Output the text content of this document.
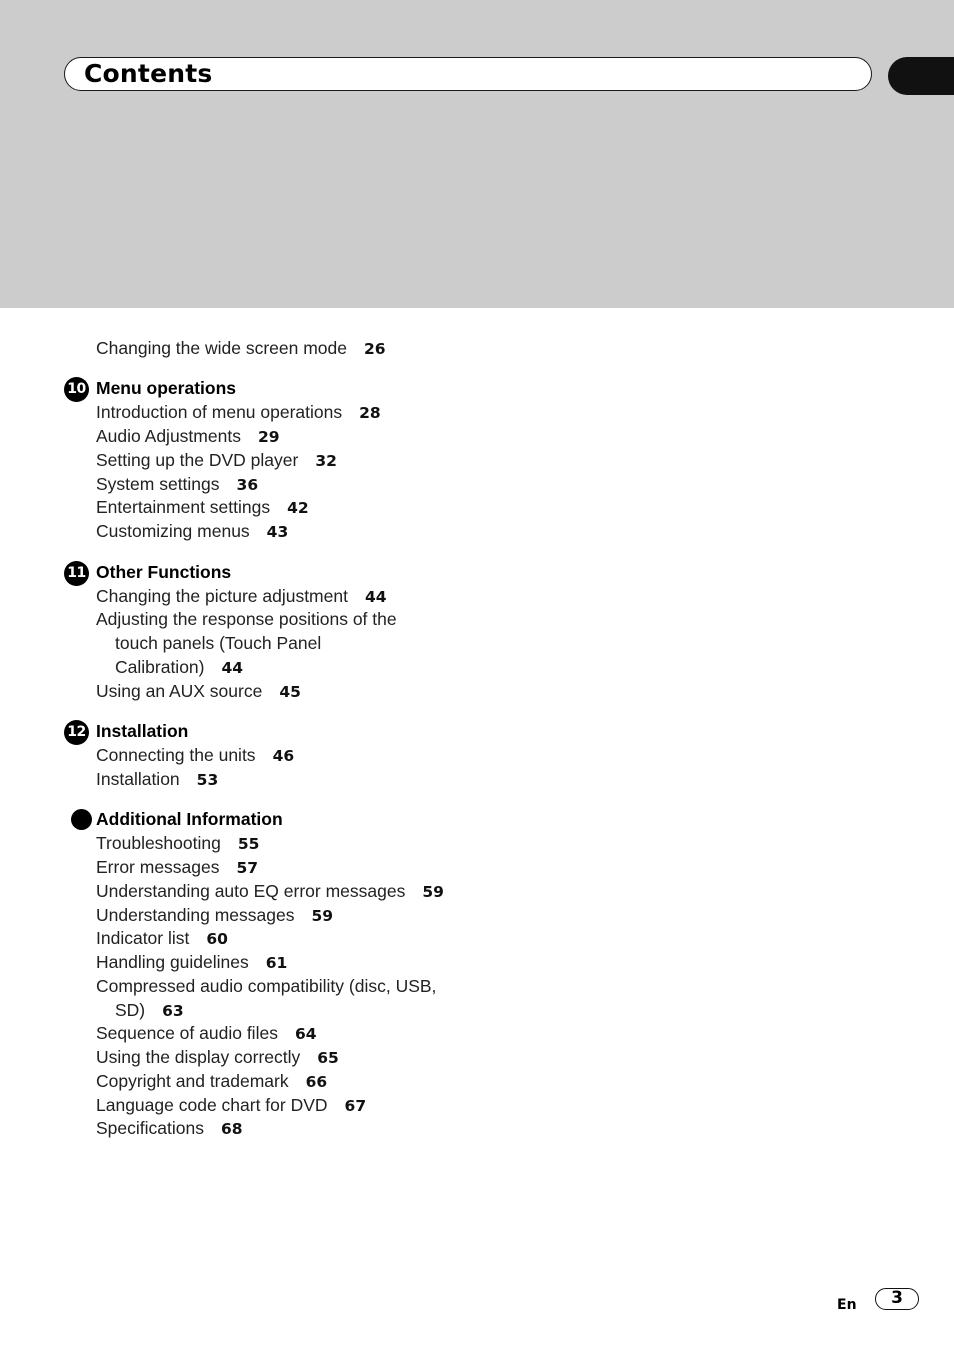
Contents
Changing the wide screen mode 26
10 Menu operations
Introduction of menu operations 28
Audio Adjustments 29
Setting up the DVD player 32
System settings 36
Entertainment settings 42
Customizing menus 43
11 Other Functions
Changing the picture adjustment 44
Adjusting the response positions of the
touch panels (Touch Panel
Calibration) 44
Using an AUX source 45
12 Installation
Connecting the units 46
Installation 53
Additional Information
Troubleshooting 55
Error messages 57
Understanding auto EQ error messages 59
Understanding messages 59
Indicator list 60
Handling guidelines 61
Compressed audio compatibility (disc, USB,
SD) 63
Sequence of audio files 64
Using the display correctly 65
Copyright and trademark 66
Language code chart for DVD 67
Specifications 68
En	3
